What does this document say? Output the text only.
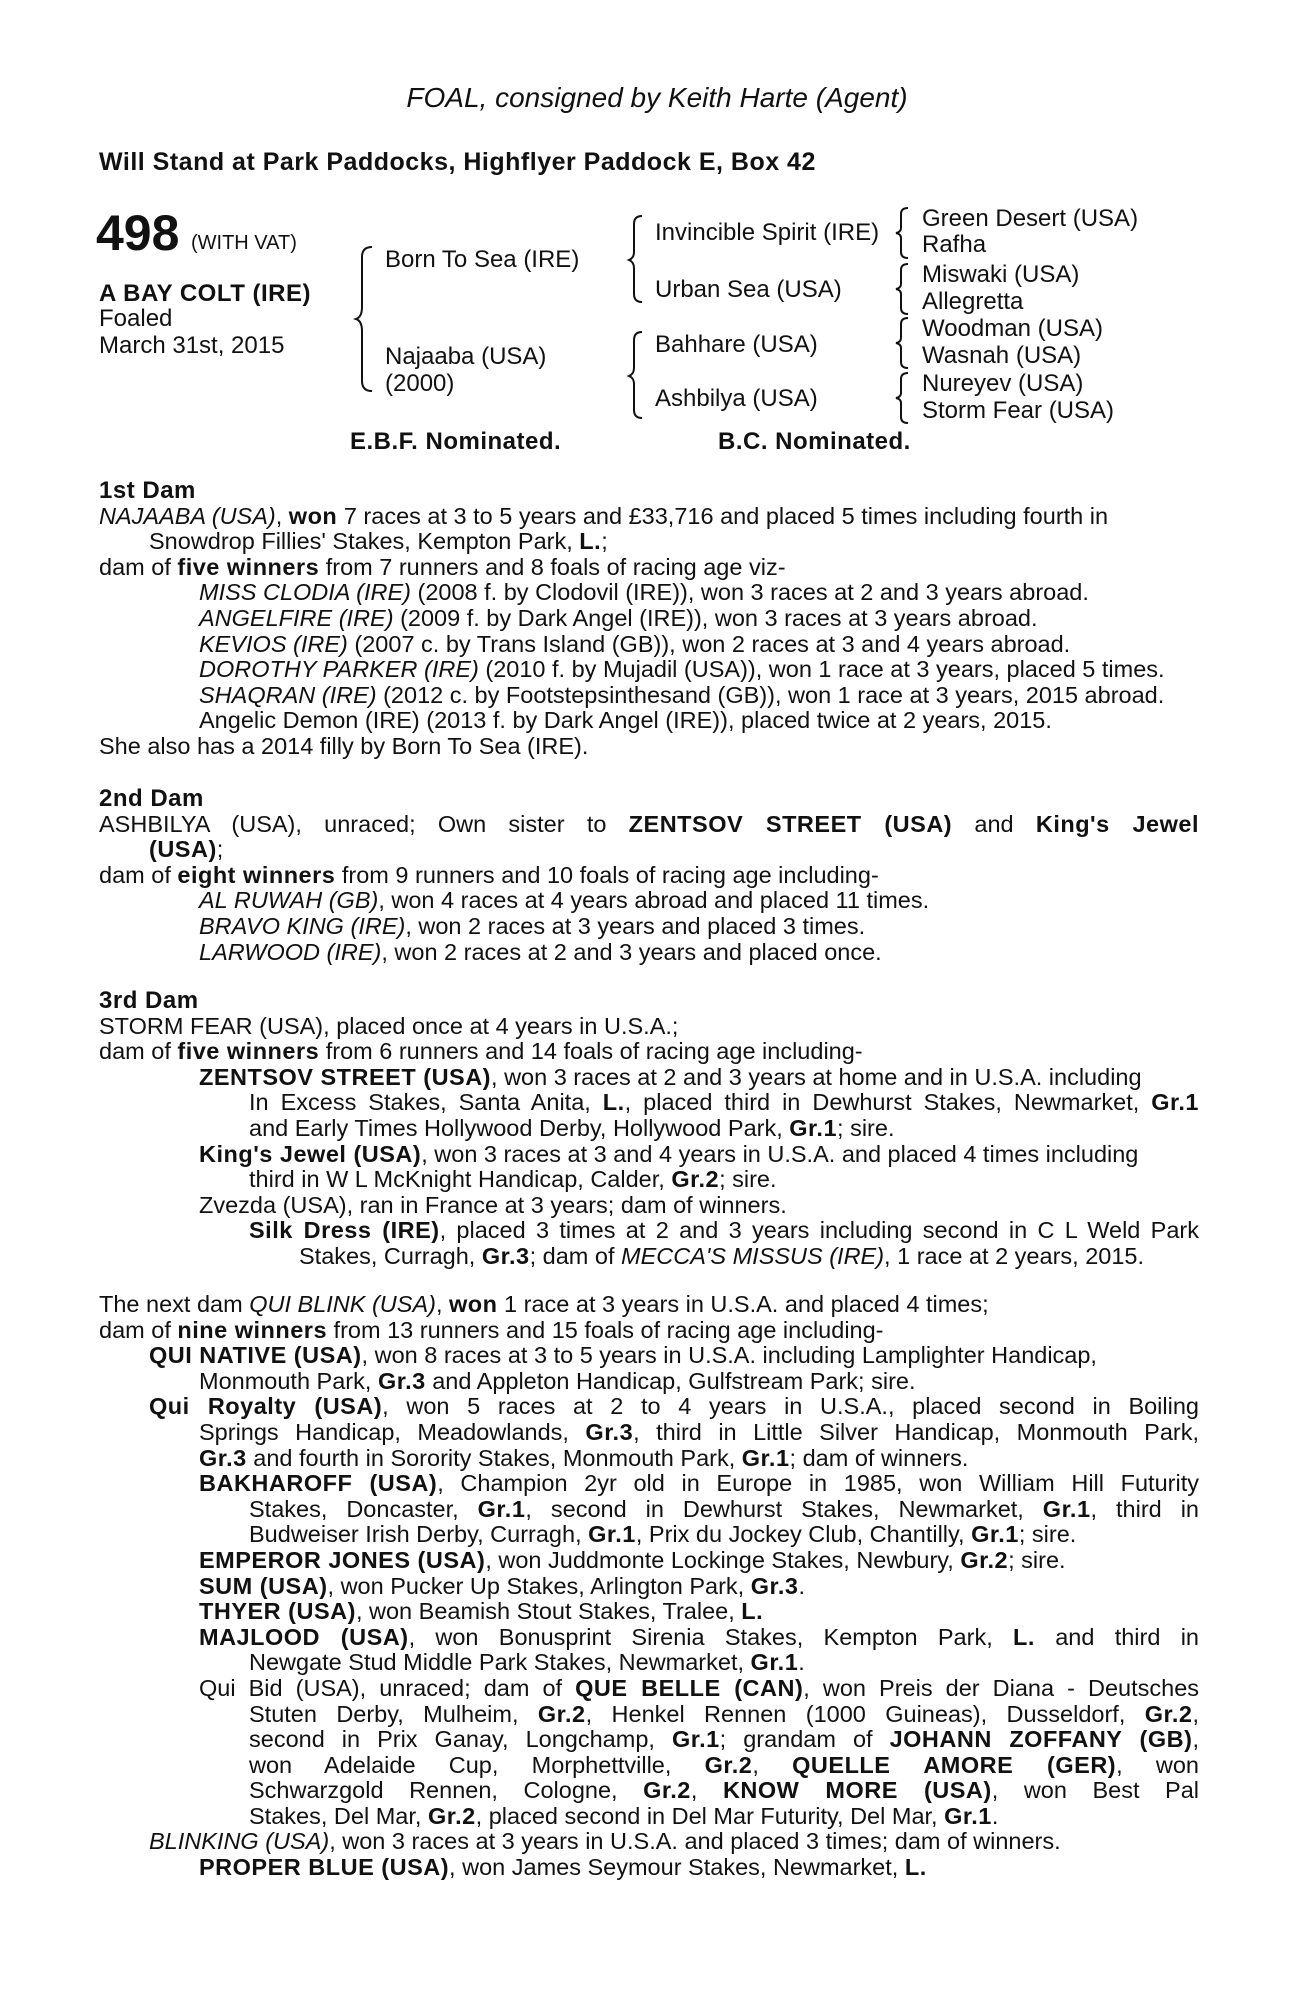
FOAL, consigned by Keith Harte (Agent)
Will Stand at Park Paddocks, Highflyer Paddock E, Box 42
498 (WITH VAT)
A BAY COLT (IRE)
Foaled
March 31st, 2015
Born To Sea (IRE)
Najaaba (USA)
(2000)
Invincible Spirit (IRE)
Urban Sea (USA)
Bahhare (USA)
Ashbilya (USA)
Green Desert (USA)
Rafha
Miswaki (USA)
Allegretta
Woodman (USA)
Wasnah (USA)
Nureyev (USA)
Storm Fear (USA)
E.B.F. Nominated.	B.C. Nominated.
1st Dam
NAJAABA (USA), won 7 races at 3 to 5 years and £33,716 and placed 5 times including fourth in
Snowdrop Fillies' Stakes, Kempton Park, L.;
dam of five winners from 7 runners and 8 foals of racing age viz-
MISS CLODIA (IRE) (2008 f. by Clodovil (IRE)), won 3 races at 2 and 3 years abroad.
ANGELFIRE (IRE) (2009 f. by Dark Angel (IRE)), won 3 races at 3 years abroad.
KEVIOS (IRE) (2007 c. by Trans Island (GB)), won 2 races at 3 and 4 years abroad.
DOROTHY PARKER (IRE) (2010 f. by Mujadil (USA)), won 1 race at 3 years, placed 5 times.
SHAQRAN (IRE) (2012 c. by Footstepsinthesand (GB)), won 1 race at 3 years, 2015 abroad.
Angelic Demon (IRE) (2013 f. by Dark Angel (IRE)), placed twice at 2 years, 2015.
She also has a 2014 filly by Born To Sea (IRE).
2nd Dam
ASHBILYA (USA), unraced; Own sister to ZENTSOV STREET (USA) and King's Jewel
(USA);
dam of eight winners from 9 runners and 10 foals of racing age including-
AL RUWAH (GB), won 4 races at 4 years abroad and placed 11 times.
BRAVO KING (IRE), won 2 races at 3 years and placed 3 times.
LARWOOD (IRE), won 2 races at 2 and 3 years and placed once.
3rd Dam
STORM FEAR (USA), placed once at 4 years in U.S.A.;
dam of five winners from 6 runners and 14 foals of racing age including-
ZENTSOV STREET (USA), won 3 races at 2 and 3 years at home and in U.S.A. including
In Excess Stakes, Santa Anita, L., placed third in Dewhurst Stakes, Newmarket, Gr.1
and Early Times Hollywood Derby, Hollywood Park, Gr.1; sire.
King's Jewel (USA), won 3 races at 3 and 4 years in U.S.A. and placed 4 times including
third in W L McKnight Handicap, Calder, Gr.2; sire.
Zvezda (USA), ran in France at 3 years; dam of winners.
Silk Dress (IRE), placed 3 times at 2 and 3 years including second in C L Weld Park
Stakes, Curragh, Gr.3; dam of MECCA'S MISSUS (IRE), 1 race at 2 years, 2015.
The next dam QUI BLINK (USA), won 1 race at 3 years in U.S.A. and placed 4 times;
dam of nine winners from 13 runners and 15 foals of racing age including-
QUI NATIVE (USA), won 8 races at 3 to 5 years in U.S.A. including Lamplighter Handicap,
Monmouth Park, Gr.3 and Appleton Handicap, Gulfstream Park; sire.
Qui Royalty (USA), won 5 races at 2 to 4 years in U.S.A., placed second in Boiling
Springs Handicap, Meadowlands, Gr.3, third in Little Silver Handicap, Monmouth Park,
Gr.3 and fourth in Sorority Stakes, Monmouth Park, Gr.1; dam of winners.
BAKHAROFF (USA), Champion 2yr old in Europe in 1985, won William Hill Futurity
Stakes, Doncaster, Gr.1, second in Dewhurst Stakes, Newmarket, Gr.1, third in
Budweiser Irish Derby, Curragh, Gr.1, Prix du Jockey Club, Chantilly, Gr.1; sire.
EMPEROR JONES (USA), won Juddmonte Lockinge Stakes, Newbury, Gr.2; sire.
SUM (USA), won Pucker Up Stakes, Arlington Park, Gr.3.
THYER (USA), won Beamish Stout Stakes, Tralee, L.
MAJLOOD (USA), won Bonusprint Sirenia Stakes, Kempton Park, L. and third in
Newgate Stud Middle Park Stakes, Newmarket, Gr.1.
Qui Bid (USA), unraced; dam of QUE BELLE (CAN), won Preis der Diana - Deutsches
Stuten Derby, Mulheim, Gr.2, Henkel Rennen (1000 Guineas), Dusseldorf, Gr.2,
second in Prix Ganay, Longchamp, Gr.1; grandam of JOHANN ZOFFANY (GB),
won Adelaide Cup, Morphettville, Gr.2, QUELLE AMORE (GER), won
Schwarzgold Rennen, Cologne, Gr.2, KNOW MORE (USA), won Best Pal
Stakes, Del Mar, Gr.2, placed second in Del Mar Futurity, Del Mar, Gr.1.
BLINKING (USA), won 3 races at 3 years in U.S.A. and placed 3 times; dam of winners.
PROPER BLUE (USA), won James Seymour Stakes, Newmarket, L.
